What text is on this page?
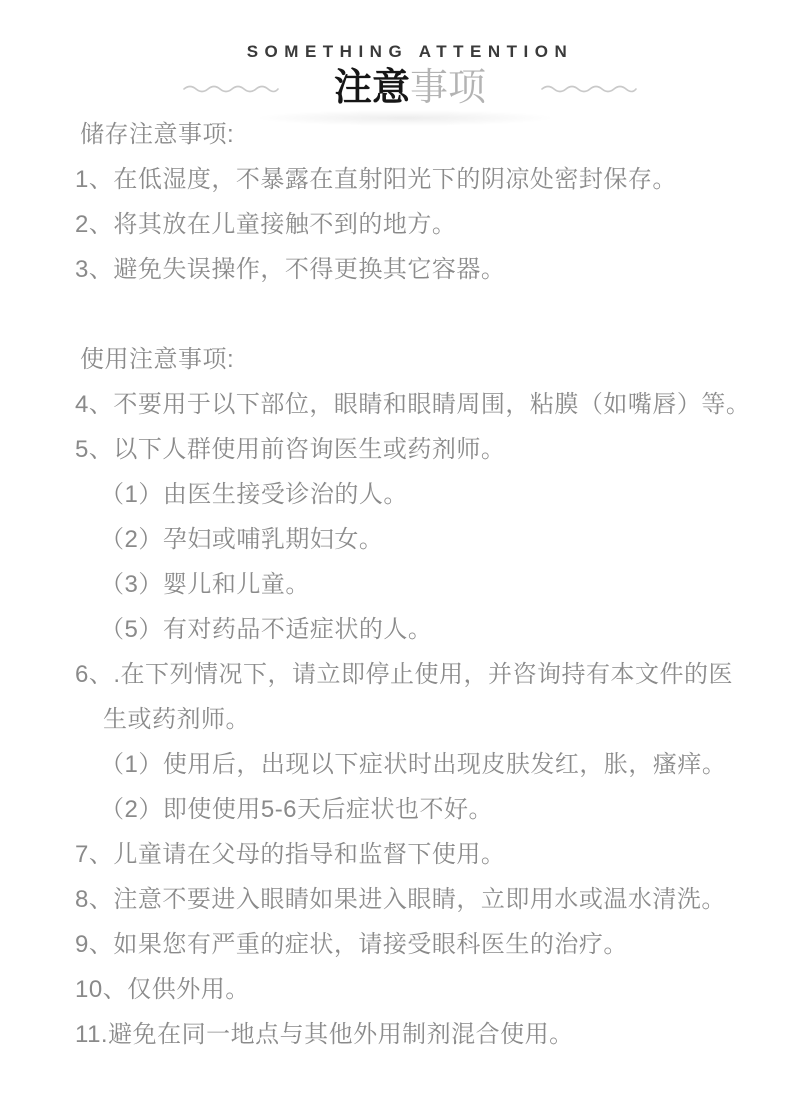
SOMETHING ATTENTION
注意事项
储存注意事项:
1、在低湿度，不暴露在直射阳光下的阴凉处密封保存。
2、将其放在儿童接触不到的地方。
3、避免失误操作，不得更换其它容器。
使用注意事项:
4、不要用于以下部位，眼睛和眼睛周围，粘膜（如嘴唇）等。
5、以下人群使用前咨询医生或药剂师。
（1）由医生接受诊治的人。
（2）孕妇或哺乳期妇女。
（3）婴儿和儿童。
（5）有对药品不适症状的人。
6、.在下列情况下，请立即停止使用，并咨询持有本文件的医
生或药剂师。
（1）使用后，出现以下症状时出现皮肤发红，胀，瘙痒。
（2）即使使用5-6天后症状也不好。
7、儿童请在父母的指导和监督下使用。
8、注意不要进入眼睛如果进入眼睛，立即用水或温水清洗。
9、如果您有严重的症状，请接受眼科医生的治疗。
10、仅供外用。
11.避免在同一地点与其他外用制剂混合使用。
